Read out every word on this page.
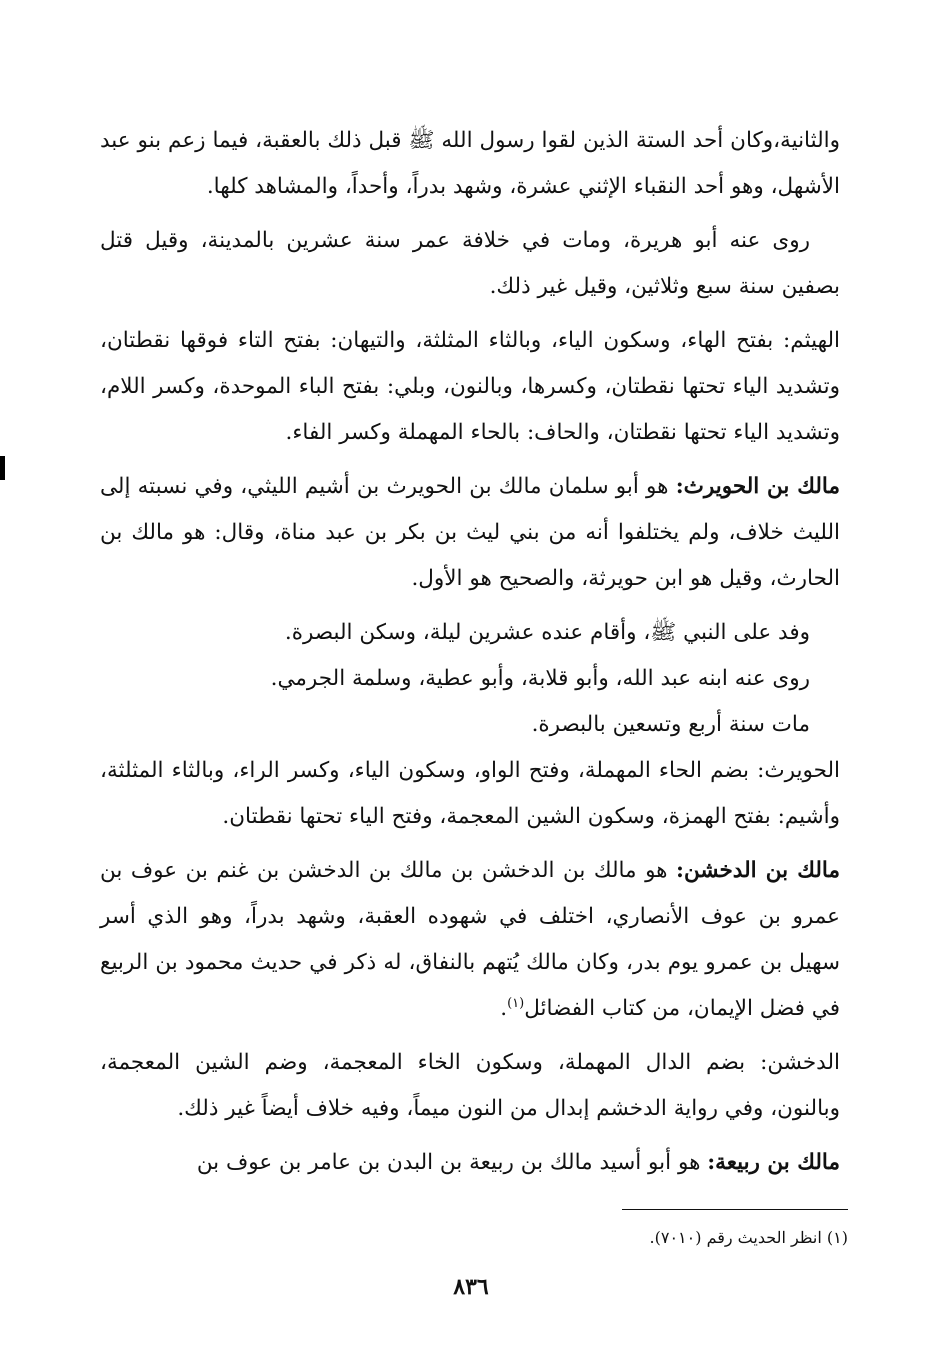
والثانية،وكان أحد الستة الذين لقوا رسول الله ﷺ قبل ذلك بالعقبة، فيما زعم بنو عبد الأشهل، وهو أحد النقباء الإثني عشرة، وشهد بدراً، وأحداً، والمشاهد كلها.

روى عنه أبو هريرة، ومات في خلافة عمر سنة عشرين بالمدينة، وقيل قتل بصفين سنة سبع وثلاثين، وقيل غير ذلك.

الهيثم: بفتح الهاء، وسكون الياء، وبالثاء المثلثة، والتيهان: بفتح التاء فوقها نقطتان، وتشديد الياء تحتها نقطتان، وكسرها، وبالنون، وبلي: بفتح الباء الموحدة، وكسر اللام، وتشديد الياء تحتها نقطتان، والحاف: بالحاء المهملة وكسر الفاء.

مالك بن الحويرث: هو أبو سلمان مالك بن الحويرث بن أشيم الليثي، وفي نسبته إلى الليث خلاف، ولم يختلفوا أنه من بني ليث بن بكر بن عبد مناة، وقال: هو مالك بن الحارث، وقيل هو ابن حويرثة، والصحيح هو الأول.

وفد على النبي ﷺ، وأقام عنده عشرين ليلة، وسكن البصرة.

روى عنه ابنه عبد الله، وأبو قلابة، وأبو عطية، وسلمة الجرمي.

مات سنة أربع وتسعين بالبصرة.

الحويرث: بضم الحاء المهملة، وفتح الواو، وسكون الياء، وكسر الراء، وبالثاء المثلثة، وأشيم: بفتح الهمزة، وسكون الشين المعجمة، وفتح الياء تحتها نقطتان.

مالك بن الدخشن: هو مالك بن الدخشن بن مالك بن الدخشن بن غنم بن عوف بن عمرو بن عوف الأنصاري، اختلف في شهوده العقبة، وشهد بدراً، وهو الذي أسر سهيل بن عمرو يوم بدر، وكان مالك يُتهم بالنفاق، له ذكر في حديث محمود بن الربيع في فضل الإيمان، من كتاب الفضائل$^{(١)}$.

الدخشن: بضم الدال المهملة، وسكون الخاء المعجمة، وضم الشين المعجمة، وبالنون، وفي رواية الدخشم إبدال من النون ميماً، وفيه خلاف أيضاً غير ذلك.

مالك بن ربيعة: هو أبو أسيد مالك بن ربيعة بن البدن بن عامر بن عوف بن

(١) انظر الحديث رقم (٧٠١٠).
٨٣٦
